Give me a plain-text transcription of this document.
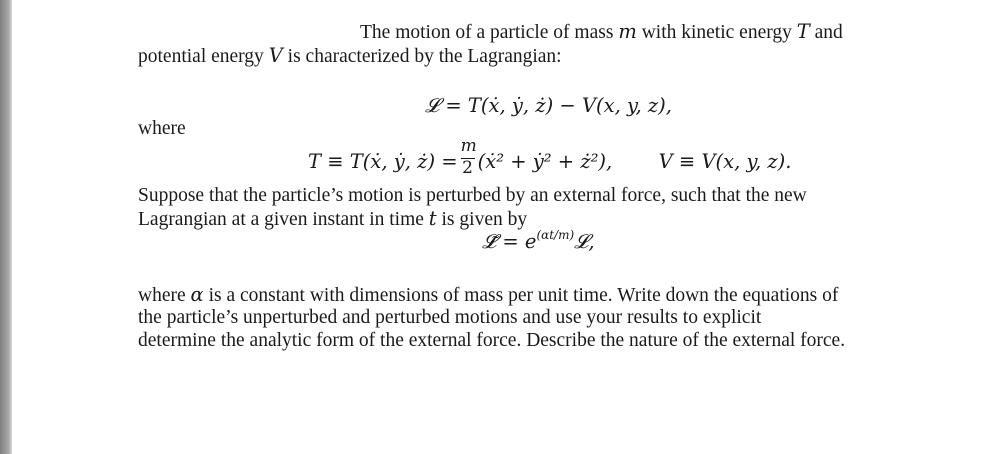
The motion of a particle of mass m with kinetic energy T and
potential energy V is characterized by the Lagrangian:
𝓛 = T(ẋ, ẏ, ż) − V(x, y, z),
where
T ≡ T(ẋ, ẏ, ż) = $\frac{m}{2}$ (ẋ² + ẏ² + ż²), V ≡ V(x, y, z).
Suppose that the particle’s motion is perturbed by an external force, such that the new
Lagrangian at a given instant in time t is given by
𝓛̃ = $e^{(\alpha t/m)}𝓛$,
where α is a constant with dimensions of mass per unit time. Write down the equations of
the particle’s unperturbed and perturbed motions and use your results to explicit
determine the analytic form of the external force. Describe the nature of the external force.
